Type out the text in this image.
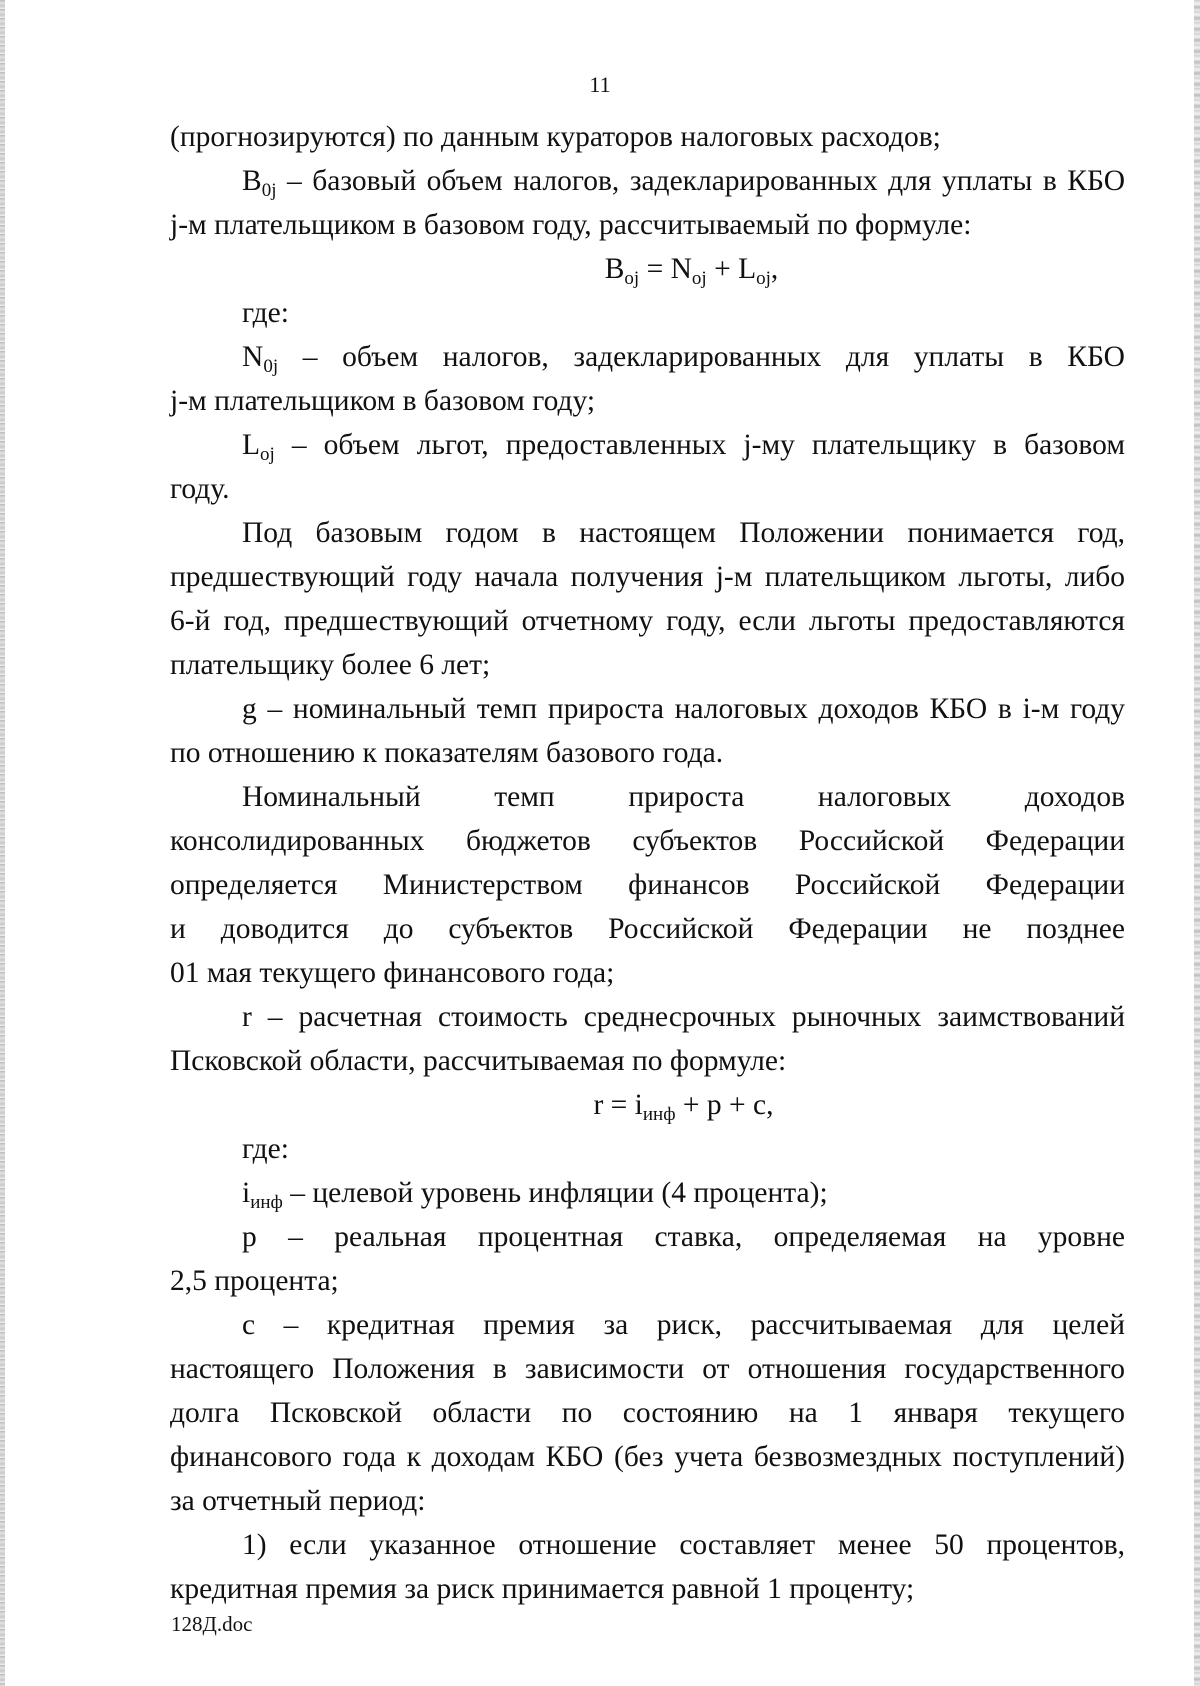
11

(прогнозируются) по данным кураторов налоговых расходов;

$B_{0j}$ – базовый объем налогов, задекларированных для уплаты в КБО

j-м плательщиком в базовом году, рассчитываемый по формуле:

$B_{oj} = N_{oj} + L_{oj}$,

где:

$N_{0j}$ – объем налогов, задекларированных для уплаты в КБО

j-м плательщиком в базовом году;

$L_{oj}$ – объем льгот, предоставленных j-му плательщику в базовом

году.

Под базовым годом в настоящем Положении понимается год,

предшествующий году начала получения j-м плательщиком льготы, либо

6-й год, предшествующий отчетному году, если льготы предоставляются

плательщику более 6 лет;

g – номинальный темп прироста налоговых доходов КБО в i-м году

по отношению к показателям базового года.

Номинальный темп прироста налоговых доходов

консолидированных бюджетов субъектов Российской Федерации

определяется Министерством финансов Российской Федерации

и доводится до субъектов Российской Федерации не позднее

01 мая текущего финансового года;

r – расчетная стоимость среднесрочных рыночных заимствований

Псковской области, рассчитываемая по формуле:

$r = i_{инф} + p + c$,

где:

$i_{инф}$ – целевой уровень инфляции (4 процента);

p – реальная процентная ставка, определяемая на уровне

2,5 процента;

c – кредитная премия за риск, рассчитываемая для целей

настоящего Положения в зависимости от отношения государственного

долга Псковской области по состоянию на 1 января текущего

финансового года к доходам КБО (без учета безвозмездных поступлений)

за отчетный период:

1) если указанное отношение составляет менее 50 процентов,

кредитная премия за риск принимается равной 1 проценту;

128Д.doc
